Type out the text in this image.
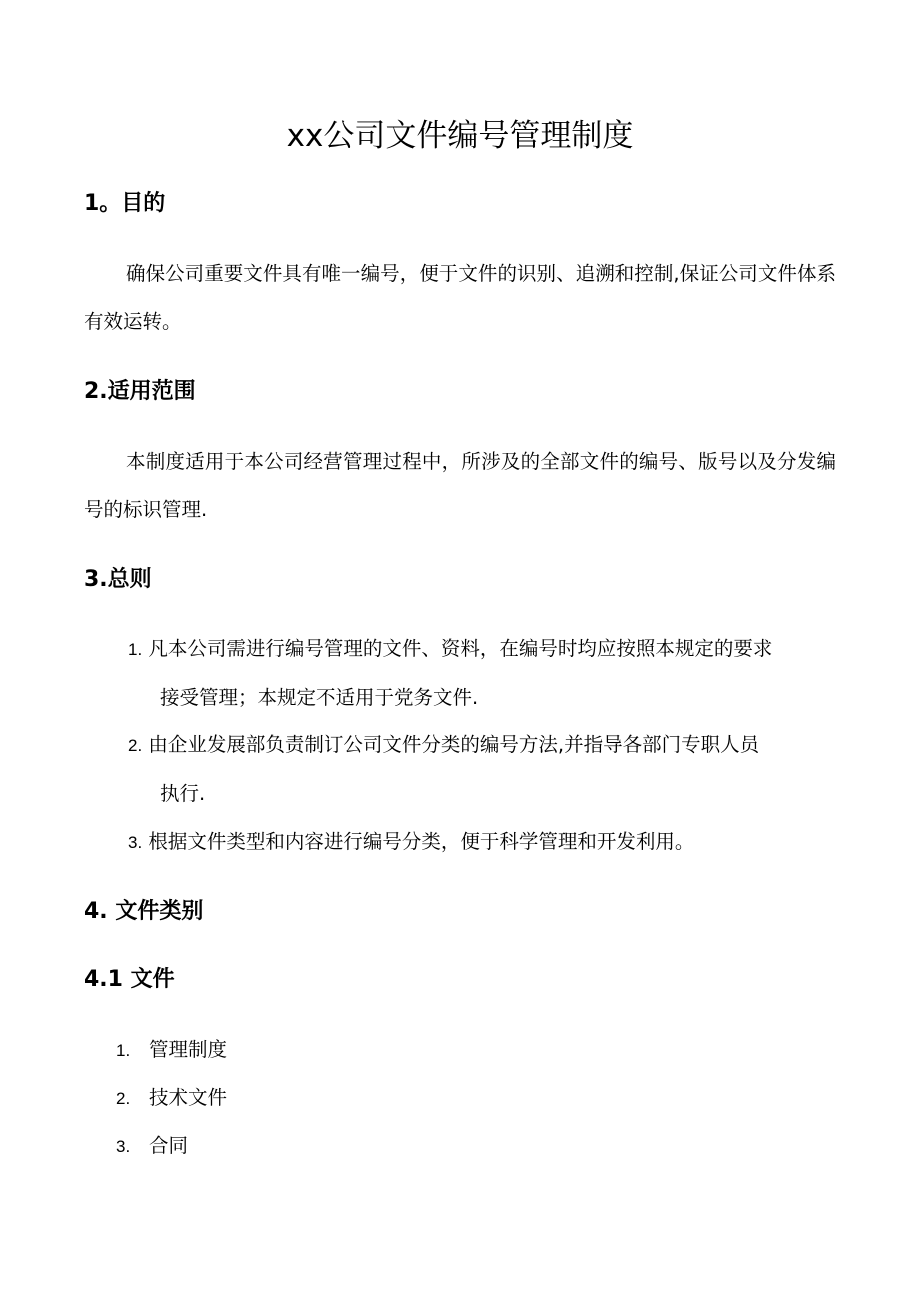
xx公司文件编号管理制度
1。目的

确保公司重要文件具有唯一编号，便于文件的识别、追溯和控制,保证公司文件体系有效运转。

2.适用范围

本制度适用于本公司经营管理过程中，所涉及的全部文件的编号、版号以及分发编号的标识管理.

3.总则
1. 凡本公司需进行编号管理的文件、资料，在编号时均应按照本规定的要求
接受管理；本规定不适用于党务文件.
2. 由企业发展部负责制订公司文件分类的编号方法,并指导各部门专职人员
执行.
3. 根据文件类型和内容进行编号分类，便于科学管理和开发利用。
4. 文件类别
4.1 文件
1. 管理制度
2. 技术文件
3. 合同
